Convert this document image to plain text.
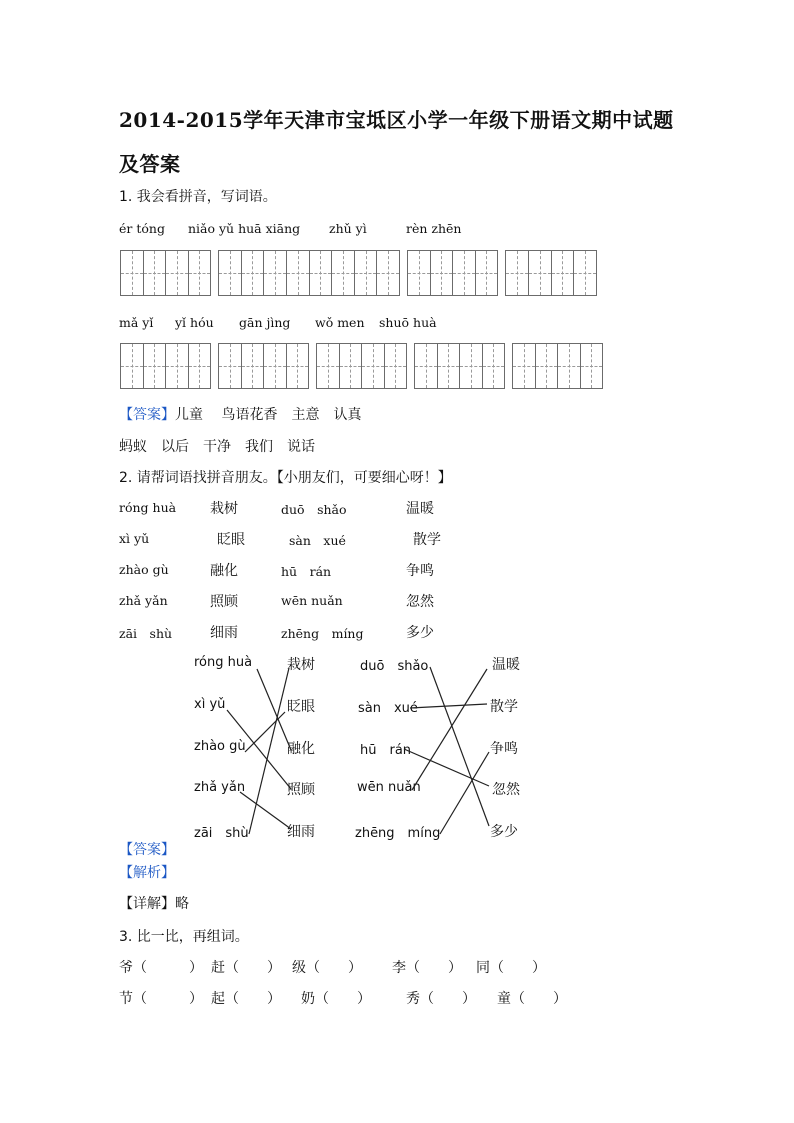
2014-2015学年天津市宝坻区小学一年级下册语文期中试题
及答案
1. 我会看拼音，写词语。
ér tóng niǎo yǔ huā xiāng zhǔ yì	rèn zhēn
mǎ yǐ yǐ hóu gān jìng wǒ men shuō huà
【答案】儿童　 鸟语花香　主意　认真
蚂蚁　以后　干净　我们　说话
2. 请帮词语找拼音朋友。【小朋友们，可要细心呀！】
róng huà 栽树	duō　shǎo	温暖
xì yǔ	眨眼	sàn　xué	散学
zhào gù	融化	hū　rán	争鸣
zhǎ yǎn	照顾	wēn nuǎn	忽然
zāi　shù	细雨	zhēng　míng	多少
róng huà
xì yǔ
zhào gù
zhǎ yǎn
zāi　shù
栽树
眨眼
融化
照顾
细雨
duō　shǎo
sàn　xué
hū　rán
wēn nuǎn
zhēng　míng
温暖
散学
争鸣
忽然
多少
【答案】
【解析】
【详解】略
3. 比一比，再组词。
爷（　　　） 赶（　　） 级（　　） 李（　　） 同（　　）
节（　　　） 起（　　） 奶（　　）	秀（　　） 童（　　）
